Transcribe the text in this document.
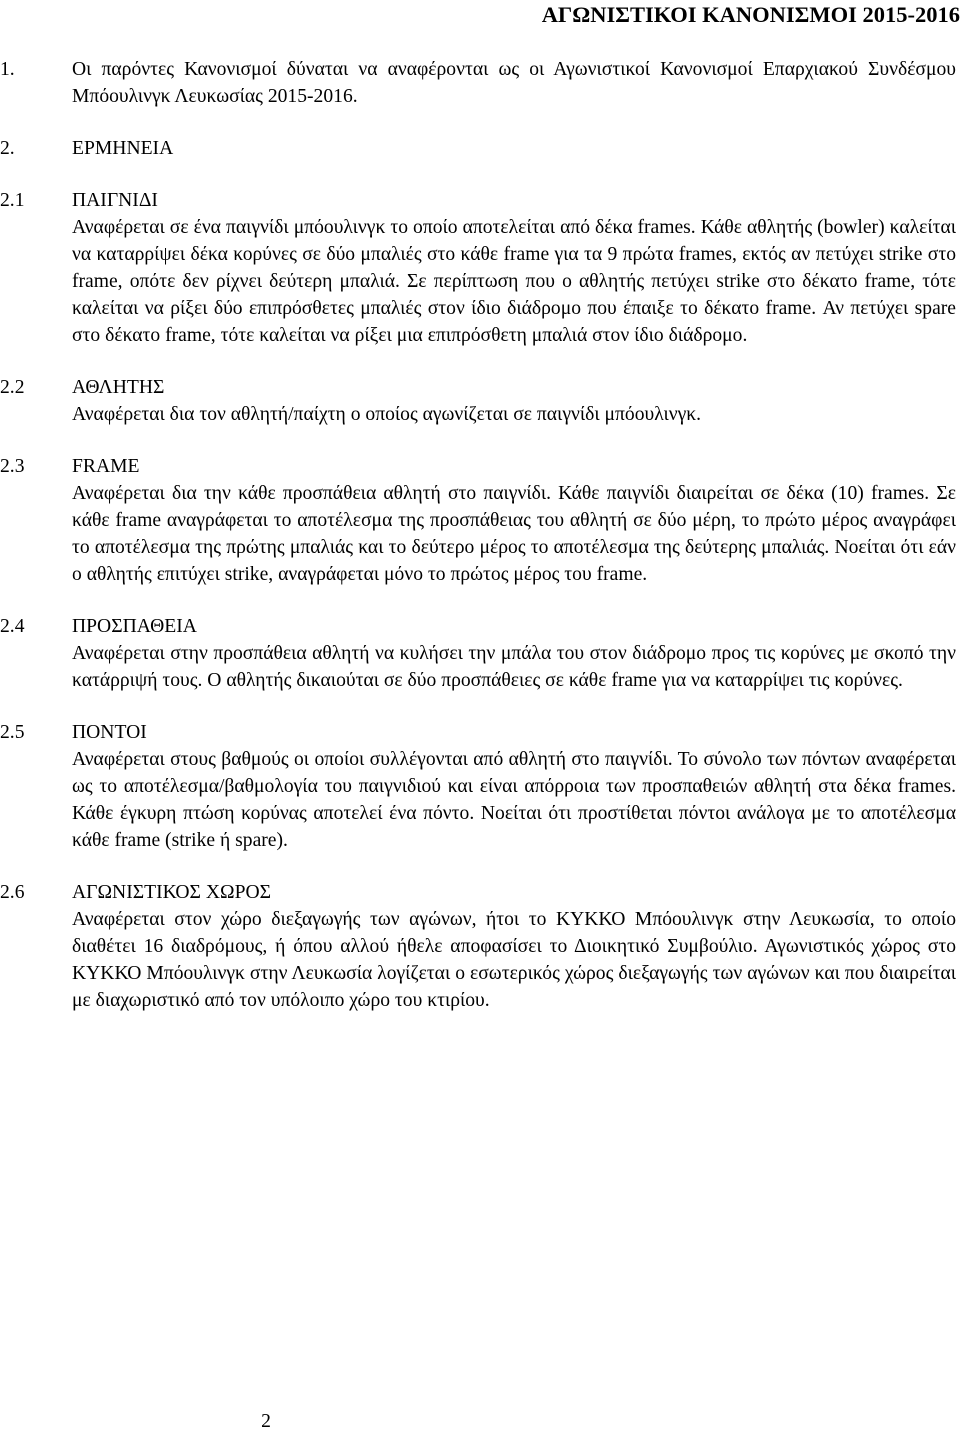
ΑΓΩΝΙΣΤΙΚΟΙ ΚΑΝΟΝΙΣΜΟΙ 2015-2016
1.	Οι παρόντες Κανονισμοί δύναται να αναφέρονται ως οι Αγωνιστικοί Κανονισμοί Επαρχιακού Συνδέσμου Μπόουλινγκ Λευκωσίας 2015-2016.
2.	ΕΡΜΗΝΕΙΑ
2.1	ΠΑΙΓΝΙΔΙ

Αναφέρεται σε ένα παιγνίδι μπόουλινγκ το οποίο αποτελείται από δέκα frames. Κάθε αθλητής (bowler) καλείται να καταρρίψει δέκα κορύνες σε δύο μπαλιές στο κάθε frame για τα 9 πρώτα frames, εκτός αν πετύχει strike στο frame, οπότε δεν ρίχνει δεύτερη μπαλιά. Σε περίπτωση που ο αθλητής πετύχει strike στο δέκατο frame, τότε καλείται να ρίξει δύο επιπρόσθετες μπαλιές στον ίδιο διάδρομο που έπαιξε το δέκατο frame. Αν πετύχει spare στο δέκατο frame, τότε καλείται να ρίξει μια επιπρόσθετη μπαλιά στον ίδιο διάδρομο.

2.2	ΑΘΛΗΤΗΣ

Αναφέρεται δια τον αθλητή/παίχτη ο οποίος αγωνίζεται σε παιγνίδι μπόουλινγκ.

2.3	FRAME

Αναφέρεται δια την κάθε προσπάθεια αθλητή στο παιγνίδι. Κάθε παιγνίδι διαιρείται σε δέκα (10) frames. Σε κάθε frame αναγράφεται το αποτέλεσμα της προσπάθειας του αθλητή σε δύο μέρη, το πρώτο μέρος αναγράφει το αποτέλεσμα της πρώτης μπαλιάς και το δεύτερο μέρος το αποτέλεσμα της δεύτερης μπαλιάς. Νοείται ότι εάν ο αθλητής επιτύχει strike, αναγράφεται μόνο το πρώτος μέρος του frame.

2.4	ΠΡΟΣΠΑΘΕΙΑ

Αναφέρεται στην προσπάθεια αθλητή να κυλήσει την μπάλα του στον διάδρομο προς τις κορύνες με σκοπό την κατάρριψή τους. Ο αθλητής δικαιούται σε δύο προσπάθειες σε κάθε frame για να καταρρίψει τις κορύνες.

2.5	ΠΟΝΤΟΙ

Αναφέρεται στους βαθμούς οι οποίοι συλλέγονται από αθλητή στο παιγνίδι. Το σύνολο των πόντων αναφέρεται ως το αποτέλεσμα/βαθμολογία του παιγνιδιού και είναι απόρροια των προσπαθειών αθλητή στα δέκα frames. Κάθε έγκυρη πτώση κορύνας αποτελεί ένα πόντο. Νοείται ότι προστίθεται πόντοι ανάλογα με το αποτέλεσμα κάθε frame (strike ή spare).

2.6	ΑΓΩΝΙΣΤΙΚΟΣ ΧΩΡΟΣ

Αναφέρεται στον χώρο διεξαγωγής των αγώνων, ήτοι το ΚΥΚΚΟ Μπόουλινγκ στην Λευκωσία, το οποίο διαθέτει 16 διαδρόμους, ή όπου αλλού ήθελε αποφασίσει το Διοικητικό Συμβούλιο. Αγωνιστικός χώρος στο ΚΥΚΚΟ Μπόουλινγκ στην Λευκωσία λογίζεται ο εσωτερικός χώρος διεξαγωγής των αγώνων και που διαιρείται με διαχωριστικό από τον υπόλοιπο χώρο του κτιρίου.

2
